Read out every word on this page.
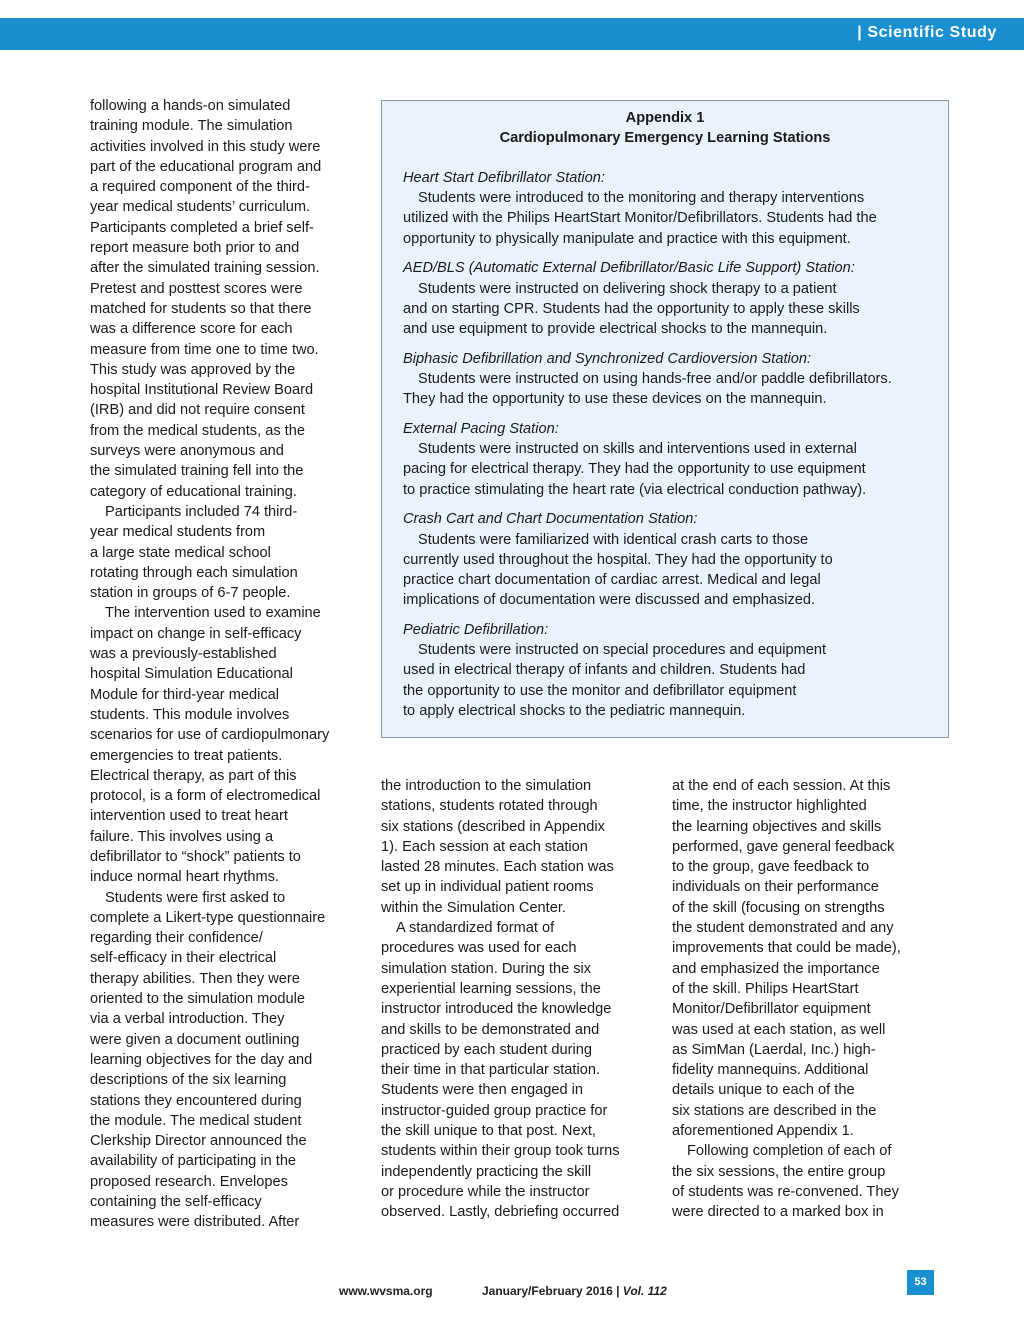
| Scientific Study

following a hands-on simulated
training module. The simulation
activities involved in this study were
part of the educational program and
a required component of the third-
year medical students’ curriculum.
Participants completed a brief self-
report measure both prior to and
after the simulated training session.
Pretest and posttest scores were
matched for students so that there
was a difference score for each
measure from time one to time two.
This study was approved by the
hospital Institutional Review Board
(IRB) and did not require consent
from the medical students, as the
surveys were anonymous and
the simulated training fell into the
category of educational training.

Participants included 74 third-
year medical students from
a large state medical school
rotating through each simulation
station in groups of 6-7 people.

The intervention used to examine
impact on change in self-efficacy
was a previously-established
hospital Simulation Educational
Module for third-year medical
students. This module involves
scenarios for use of cardiopulmonary
emergencies to treat patients.
Electrical therapy, as part of this
protocol, is a form of electromedical
intervention used to treat heart
failure. This involves using a
defibrillator to “shock” patients to
induce normal heart rhythms.

Students were first asked to
complete a Likert-type questionnaire
regarding their confidence/
self-efficacy in their electrical
therapy abilities. Then they were
oriented to the simulation module
via a verbal introduction. They
were given a document outlining
learning objectives for the day and
descriptions of the six learning
stations they encountered during
the module. The medical student
Clerkship Director announced the
availability of participating in the
proposed research. Envelopes
containing the self-efficacy
measures were distributed. After

Appendix 1
Cardiopulmonary Emergency Learning Stations
Heart Start Defibrillator Station:
Students were introduced to the monitoring and therapy interventions
utilized with the Philips HeartStart Monitor/Defibrillators. Students had the
opportunity to physically manipulate and practice with this equipment.
AED/BLS (Automatic External Defibrillator/Basic Life Support) Station:
Students were instructed on delivering shock therapy to a patient
and on starting CPR. Students had the opportunity to apply these skills
and use equipment to provide electrical shocks to the mannequin.
Biphasic Defibrillation and Synchronized Cardioversion Station:
Students were instructed on using hands-free and/or paddle defibrillators.
They had the opportunity to use these devices on the mannequin.
External Pacing Station:
Students were instructed on skills and interventions used in external
pacing for electrical therapy. They had the opportunity to use equipment
to practice stimulating the heart rate (via electrical conduction pathway).
Crash Cart and Chart Documentation Station:
Students were familiarized with identical crash carts to those
currently used throughout the hospital. They had the opportunity to
practice chart documentation of cardiac arrest. Medical and legal
implications of documentation were discussed and emphasized.
Pediatric Defibrillation:
Students were instructed on special procedures and equipment
used in electrical therapy of infants and children. Students had
the opportunity to use the monitor and defibrillator equipment
to apply electrical shocks to the pediatric mannequin.

the introduction to the simulation
stations, students rotated through
six stations (described in Appendix
1). Each session at each station
lasted 28 minutes. Each station was
set up in individual patient rooms
within the Simulation Center.

A standardized format of
procedures was used for each
simulation station. During the six
experiential learning sessions, the
instructor introduced the knowledge
and skills to be demonstrated and
practiced by each student during
their time in that particular station.
Students were then engaged in
instructor-guided group practice for
the skill unique to that post. Next,
students within their group took turns
independently practicing the skill
or procedure while the instructor
observed. Lastly, debriefing occurred

at the end of each session. At this
time, the instructor highlighted
the learning objectives and skills
performed, gave general feedback
to the group, gave feedback to
individuals on their performance
of the skill (focusing on strengths
the student demonstrated and any
improvements that could be made),
and emphasized the importance
of the skill. Philips HeartStart
Monitor/Defibrillator equipment
was used at each station, as well
as SimMan (Laerdal, Inc.) high-
fidelity mannequins. Additional
details unique to each of the
six stations are described in the
aforementioned Appendix 1.

Following completion of each of
the six sessions, the entire group
of students was re-convened. They
were directed to a marked box in

www.wvsma.org	January/February 2016 | Vol. 112
53
